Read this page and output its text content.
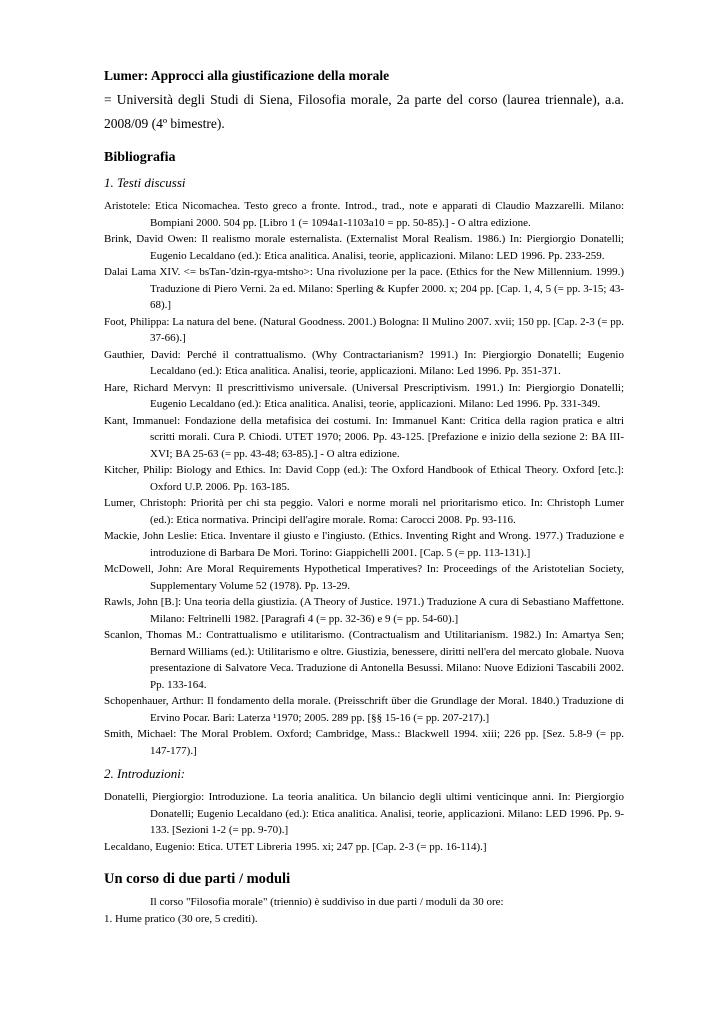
Lumer: Approcci alla giustificazione della morale

= Università degli Studi di Siena, Filosofia morale, 2a parte del corso (laurea triennale), a.a. 2008/09 (4º bimestre).

Bibliografia

1. Testi discussi

Aristotele: Etica Nicomachea. Testo greco a fronte. Introd., trad., note e apparati di Claudio Mazzarelli. Milano: Bompiani 2000. 504 pp. [Libro 1 (= 1094a1-1103a10 = pp. 50-85).] - O altra edizione.

Brink, David Owen: Il realismo morale esternalista. (Externalist Moral Realism. 1986.) In: Piergiorgio Donatelli; Eugenio Lecaldano (ed.): Etica analitica. Analisi, teorie, applicazioni. Milano: LED 1996. Pp. 233-259.

Dalai Lama XIV. <= bsTan-'dzin-rgya-mtsho>: Una rivoluzione per la pace. (Ethics for the New Millennium. 1999.) Traduzione di Piero Verni. 2a ed. Milano: Sperling & Kupfer 2000. x; 204 pp. [Cap. 1, 4, 5 (= pp. 3-15; 43-68).]

Foot, Philippa: La natura del bene. (Natural Goodness. 2001.) Bologna: Il Mulino 2007. xvii; 150 pp. [Cap. 2-3 (= pp. 37-66).]

Gauthier, David: Perché il contrattualismo. (Why Contractarianism? 1991.) In: Piergiorgio Donatelli; Eugenio Lecaldano (ed.): Etica analitica. Analisi, teorie, applicazioni. Milano: Led 1996. Pp. 351-371.

Hare, Richard Mervyn: Il prescrittivismo universale. (Universal Prescriptivism. 1991.) In: Piergiorgio Donatelli; Eugenio Lecaldano (ed.): Etica analitica. Analisi, teorie, applicazioni. Milano: Led 1996. Pp. 331-349.

Kant, Immanuel: Fondazione della metafisica dei costumi. In: Immanuel Kant: Critica della ragion pratica e altri scritti morali. Cura P. Chiodi. UTET 1970; 2006. Pp. 43-125. [Prefazione e inizio della sezione 2: BA III-XVI; BA 25-63 (= pp. 43-48; 63-85).] - O altra edizione.

Kitcher, Philip: Biology and Ethics. In: David Copp (ed.): The Oxford Handbook of Ethical Theory. Oxford [etc.]: Oxford U.P. 2006. Pp. 163-185.

Lumer, Christoph: Priorità per chi sta peggio. Valori e norme morali nel prioritarismo etico. In: Christoph Lumer (ed.): Etica normativa. Principi dell'agire morale. Roma: Carocci 2008. Pp. 93-116.

Mackie, John Leslie: Etica. Inventare il giusto e l'ingiusto. (Ethics. Inventing Right and Wrong. 1977.) Traduzione e introduzione di Barbara De Mori. Torino: Giappichelli 2001. [Cap. 5 (= pp. 113-131).]

McDowell, John: Are Moral Requirements Hypothetical Imperatives? In: Proceedings of the Aristotelian Society, Supplementary Volume 52 (1978). Pp. 13-29.

Rawls, John [B.]: Una teoria della giustizia. (A Theory of Justice. 1971.) Traduzione A cura di Sebastiano Maffettone. Milano: Feltrinelli 1982. [Paragrafi 4 (= pp. 32-36) e 9 (= pp. 54-60).]

Scanlon, Thomas M.: Contrattualismo e utilitarismo. (Contractualism and Utilitarianism. 1982.) In: Amartya Sen; Bernard Williams (ed.): Utilitarismo e oltre. Giustizia, benessere, diritti nell'era del mercato globale. Nuova presentazione di Salvatore Veca. Traduzione di Antonella Besussi. Milano: Nuove Edizioni Tascabili 2002. Pp. 133-164.

Schopenhauer, Arthur: Il fondamento della morale. (Preisschrift über die Grundlage der Moral. 1840.) Traduzione di Ervino Pocar. Bari: Laterza ¹1970; 2005. 289 pp. [§§ 15-16 (= pp. 207-217).]

Smith, Michael: The Moral Problem. Oxford; Cambridge, Mass.: Blackwell 1994. xiii; 226 pp. [Sez. 5.8-9 (= pp. 147-177).]

2. Introduzioni:

Donatelli, Piergiorgio: Introduzione. La teoria analitica. Un bilancio degli ultimi venticinque anni. In: Piergiorgio Donatelli; Eugenio Lecaldano (ed.): Etica analitica. Analisi, teorie, applicazioni. Milano: LED 1996. Pp. 9-133. [Sezioni 1-2 (= pp. 9-70).]

Lecaldano, Eugenio: Etica. UTET Libreria 1995. xi; 247 pp. [Cap. 2-3 (= pp. 16-114).]

Un corso di due parti / moduli

Il corso "Filosofia morale" (triennio) è suddiviso in due parti / moduli da 30 ore:

1. Hume pratico (30 ore, 5 crediti).
